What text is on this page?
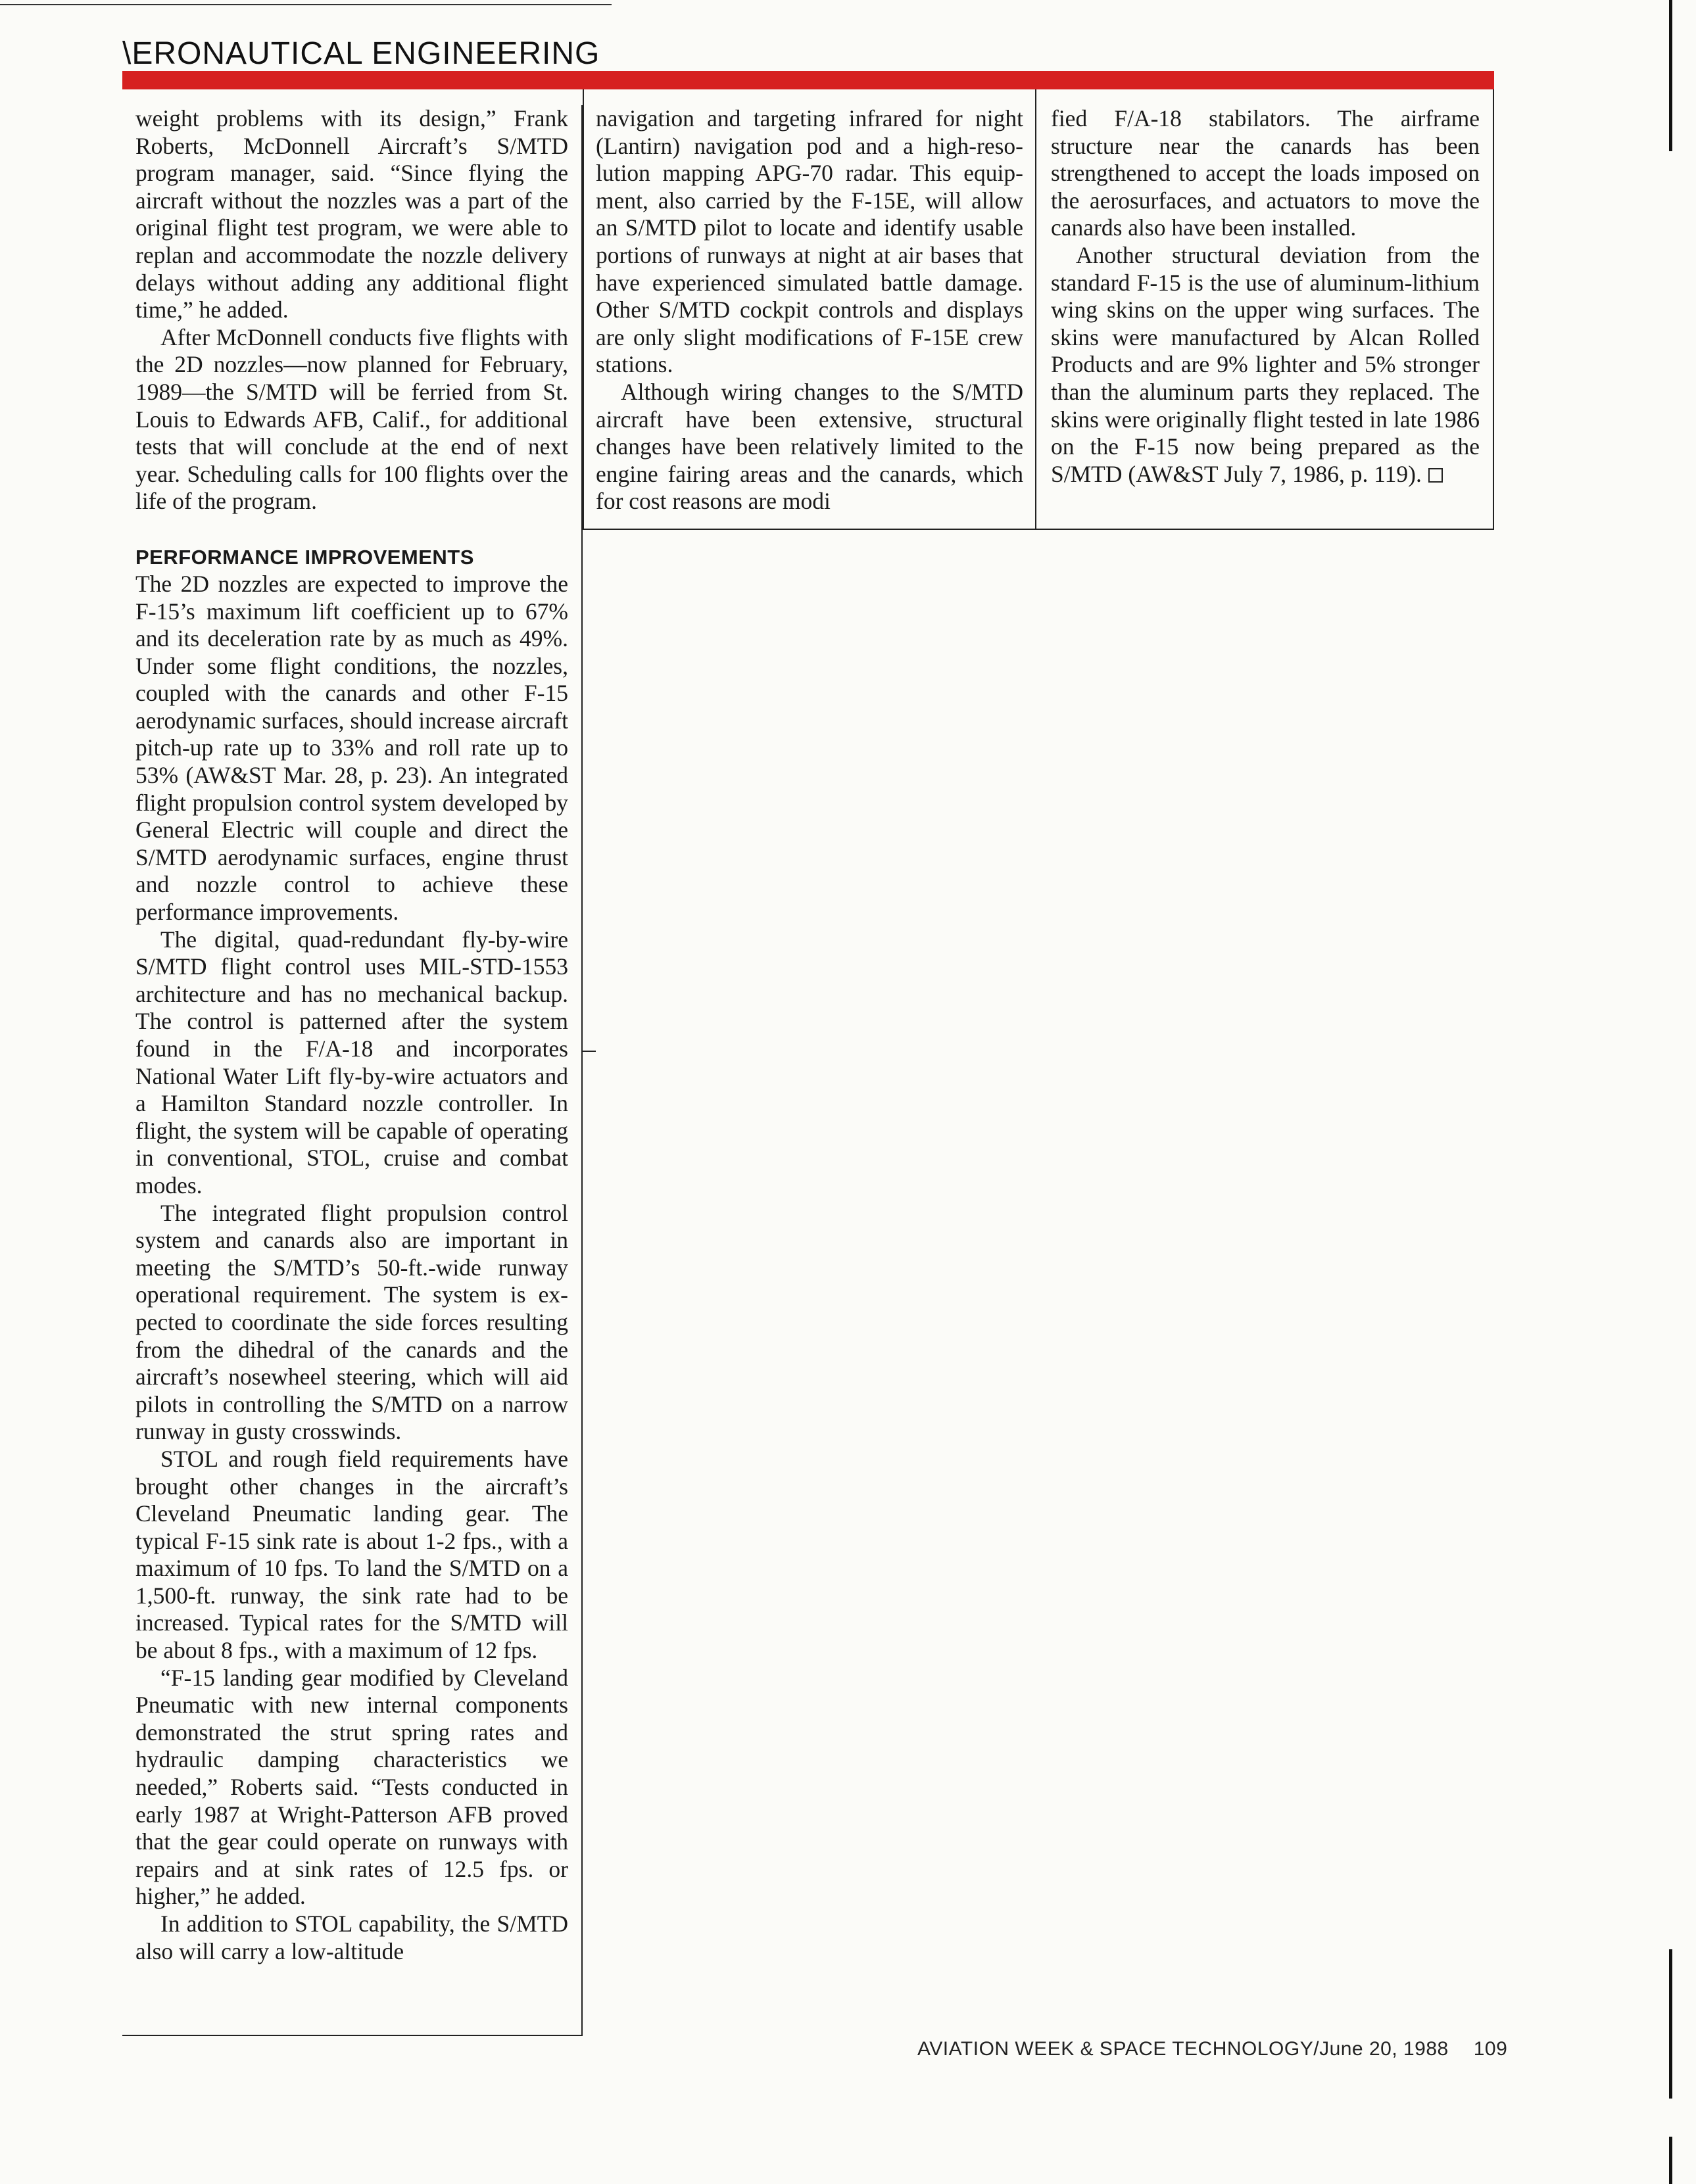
\ERONAUTICAL ENGINEERING

weight problems with its design,” Frank Roberts, McDonnell Aircraft’s S/MTD program manager, said. “Since flying the aircraft without the nozzles was a part of the original flight test program, we were able to replan and accommodate the nozzle delivery delays without adding any additional flight time,” he added.

After McDonnell conducts five flights with the 2D nozzles—now planned for February, 1989—the S/MTD will be ferried from St. Louis to Edwards AFB, Calif., for additional tests that will conclude at the end of next year. Scheduling calls for 100 flights over the life of the program.

PERFORMANCE IMPROVEMENTS

The 2D nozzles are expected to improve the F-15’s maximum lift coefficient up to 67% and its deceleration rate by as much as 49%. Under some flight conditions, the nozzles, coupled with the canards and other F-15 aerodynamic surfaces, should increase aircraft pitch-up rate up to 33% and roll rate up to 53% (AW&ST Mar. 28, p. 23). An integrated flight propulsion control system developed by General Electric will couple and direct the S/MTD aerodynamic surfaces, engine thrust and nozzle control to achieve these performance improvements.

The digital, quad-redundant fly-by-wire S/MTD flight control uses MIL-STD-1553 architecture and has no mechanical backup. The control is patterned after the system found in the F/A-18 and incorporates National Water Lift fly-by-wire actuators and a Hamilton Standard nozzle controller. In flight, the system will be capable of operating in conventional, STOL, cruise and combat modes.

The integrated flight propulsion control system and canards also are important in meeting the S/MTD’s 50-ft.-wide runway operational requirement. The system is expected to coordinate the side forces resulting from the dihedral of the canards and the aircraft’s nosewheel steering, which will aid pilots in controlling the S/MTD on a narrow runway in gusty crosswinds.

STOL and rough field requirements have brought other changes in the aircraft’s Cleveland Pneumatic landing gear. The typical F-15 sink rate is about 1-2 fps., with a maximum of 10 fps. To land the S/MTD on a 1,500-ft. runway, the sink rate had to be increased. Typical rates for the S/MTD will be about 8 fps., with a maximum of 12 fps.

“F-15 landing gear modified by Cleveland Pneumatic with new internal components demonstrated the strut spring rates and hydraulic damping characteristics we needed,” Roberts said. “Tests conducted in early 1987 at Wright-Patterson AFB proved that the gear could operate on runways with repairs and at sink rates of 12.5 fps. or higher,” he added.

In addition to STOL capability, the S/MTD also will carry a low-altitude

navigation and targeting infrared for night (Lantirn) navigation pod and a high-resolution mapping APG-70 radar. This equipment, also carried by the F-15E, will allow an S/MTD pilot to locate and identify usable portions of runways at night at air bases that have experienced simulated battle damage. Other S/MTD cockpit controls and displays are only slight modifications of F-15E crew stations.

Although wiring changes to the S/MTD aircraft have been extensive, structural changes have been relatively limited to the engine fairing areas and the canards, which for cost reasons are modi

fied F/A-18 stabilators. The airframe structure near the canards has been strengthened to accept the loads imposed on the aerosurfaces, and actuators to move the canards also have been installed.

Another structural deviation from the standard F-15 is the use of aluminum-lithium wing skins on the upper wing surfaces. The skins were manufactured by Alcan Rolled Products and are 9% lighter and 5% stronger than the aluminum parts they replaced. The skins were originally flight tested in late 1986 on the F-15 now being prepared as the S/MTD (AW&ST July 7, 1986, p. 119).

AVIATION WEEK & SPACE TECHNOLOGY/June 20, 1988 109
